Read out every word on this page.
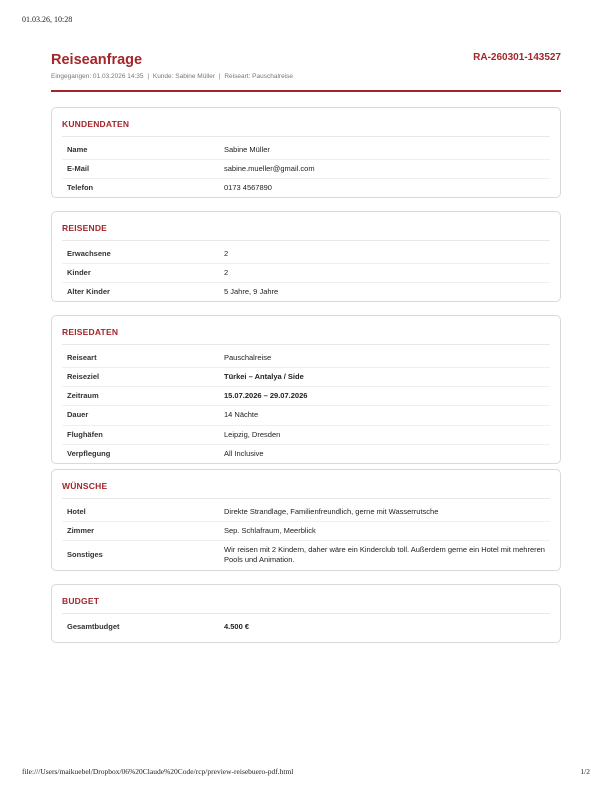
01.03.26, 10:28
Reiseanfrage	RA-260301-143527
Eingegangen: 01.03.2026 14:35 | Kunde: Sabine Müller | Reiseart: Pauschalreise
KUNDENDATEN
Name	Sabine Müller
E-Mail	sabine.mueller@gmail.com
Telefon	0173 4567890
REISENDE
Erwachsene	2
Kinder	2
Alter Kinder	5 Jahre, 9 Jahre
REISEDATEN
Reiseart	Pauschalreise
Reiseziel	Türkei – Antalya / Side
Zeitraum	15.07.2026 – 29.07.2026
Dauer	14 Nächte
Flughäfen	Leipzig, Dresden
Verpflegung	All Inclusive
WÜNSCHE
Hotel	Direkte Strandlage, Familienfreundlich, gerne mit Wasserrutsche
Zimmer	Sep. Schlafraum, Meerblick
Sonstiges	Wir reisen mit 2 Kindern, daher wäre ein Kinderclub toll. Außerdem gerne ein Hotel mit mehreren Pools und Animation.
BUDGET
Gesamtbudget	4.500 €
file:///Users/maikuebel/Dropbox/06%20Claude%20Code/rcp/preview-reisebuero-pdf.html	1/2
